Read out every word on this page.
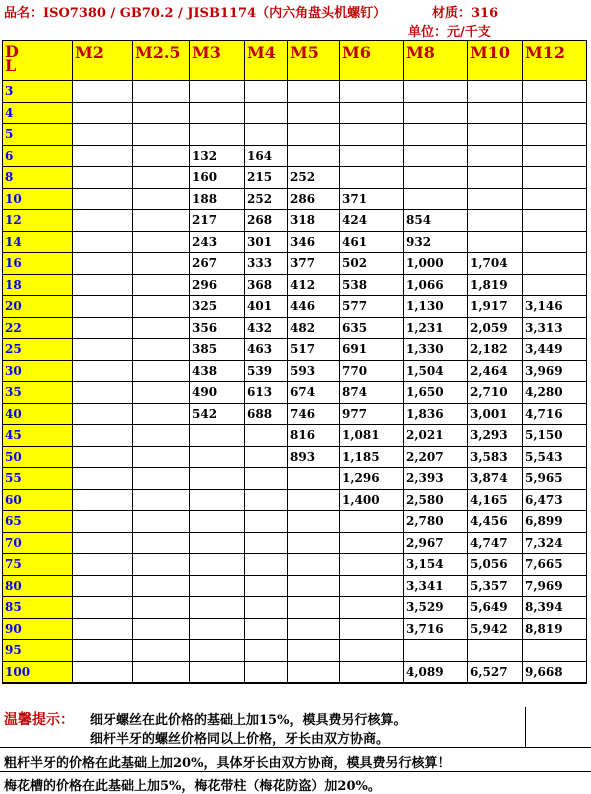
品名：ISO7380 / GB70.2 / JISB1174（内六角盘头机螺钉）	材质：316
单位：元/千支
D
L	M2	M2.5	M3	M4	M5	M6	M8	M10	M12
3									
4									
5									
6			132	164					
8			160	215	252				
10			188	252	286	371			
12			217	268	318	424	854		
14			243	301	346	461	932		
16			267	333	377	502	1,000	1,704	
18			296	368	412	538	1,066	1,819	
20			325	401	446	577	1,130	1,917	3,146
22			356	432	482	635	1,231	2,059	3,313
25			385	463	517	691	1,330	2,182	3,449
30			438	539	593	770	1,504	2,464	3,969
35			490	613	674	874	1,650	2,710	4,280
40			542	688	746	977	1,836	3,001	4,716
45					816	1,081	2,021	3,293	5,150
50					893	1,185	2,207	3,583	5,543
55						1,296	2,393	3,874	5,965
60						1,400	2,580	4,165	6,473
65							2,780	4,456	6,899
70							2,967	4,747	7,324
75							3,154	5,056	7,665
80							3,341	5,357	7,969
85							3,529	5,649	8,394
90							3,716	5,942	8,819
95									
100							4,089	6,527	9,668
温馨提示： 细牙螺丝在此价格的基础上加15%，模具费另行核算。
细杆半牙的螺丝价格同以上价格，牙长由双方协商。
粗杆半牙的价格在此基础上加20%，具体牙长由双方协商，模具费另行核算！
梅花槽的价格在此基础上加5%，梅花带柱（梅花防盗）加20%。
